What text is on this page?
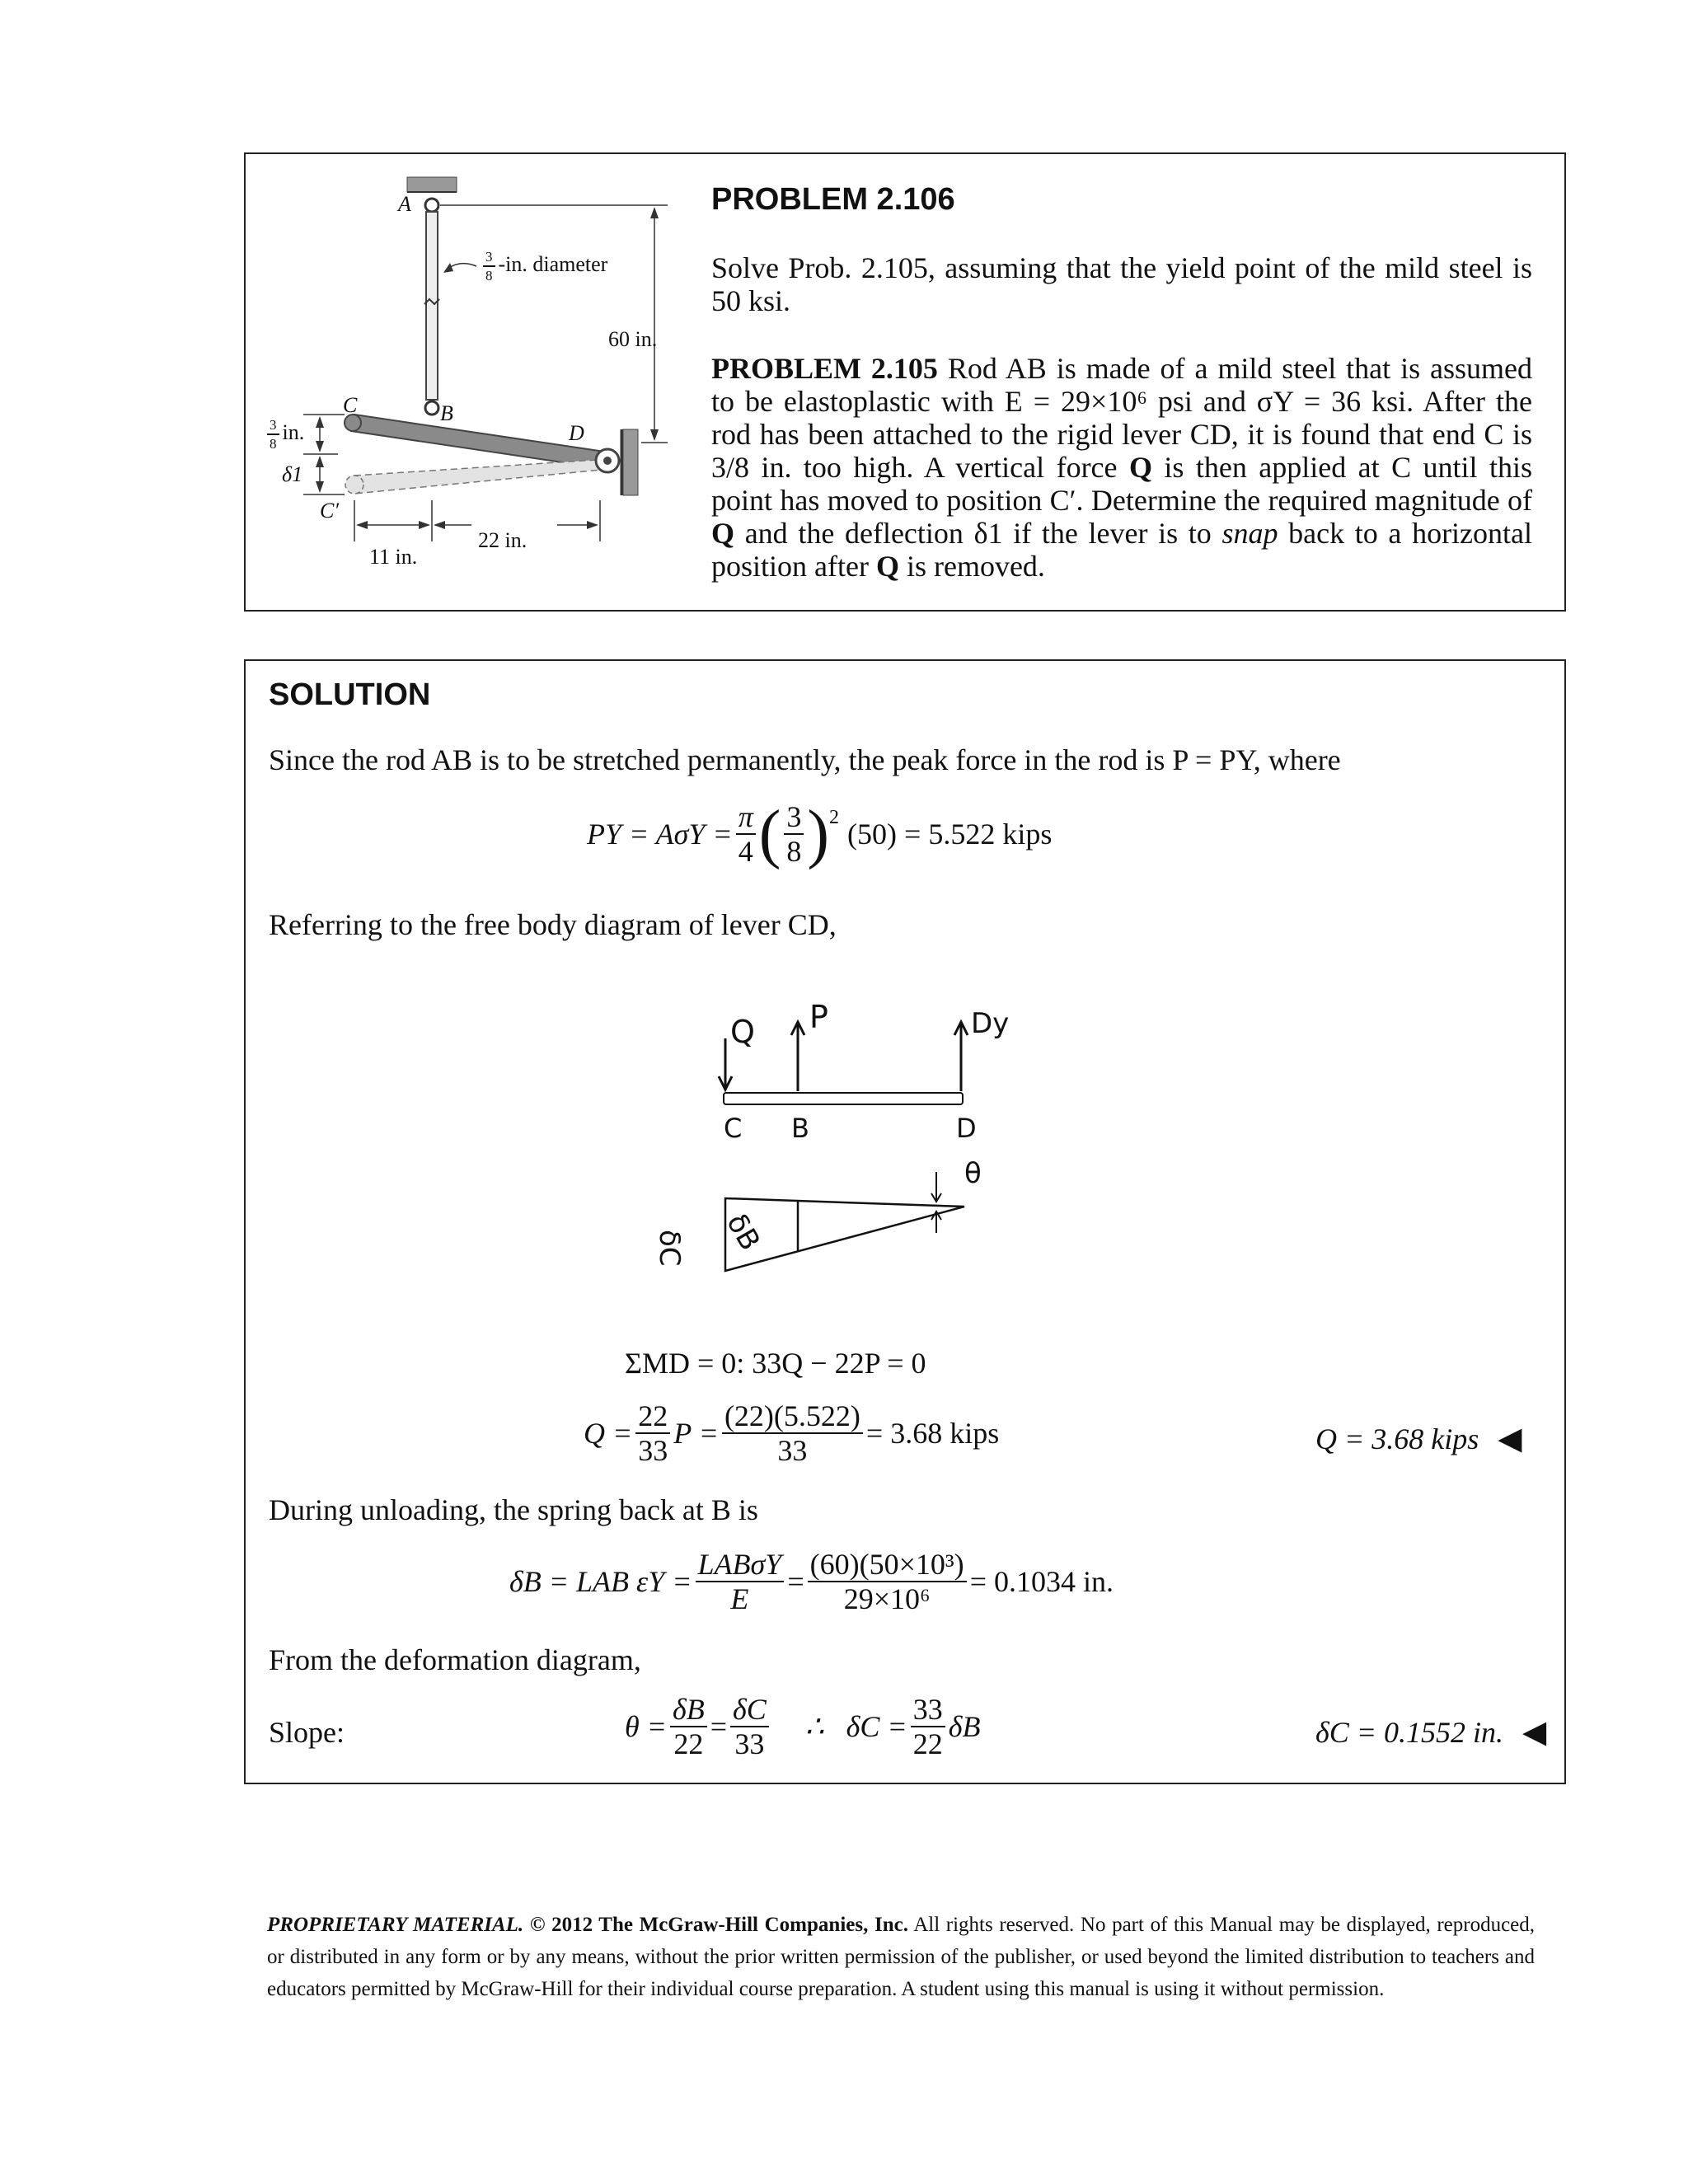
A
B
C
D
C′
$\frac{3}{8} -in$. diameter
60 in.
11 in.
22 in.
$\frac{3}{8}$ in.
δ1
PROBLEM 2.106
Solve Prob. 2.105, assuming that the yield point of the mild steel is 50 ksi.
PROBLEM 2.105 Rod AB is made of a mild steel that is assumed to be elastoplastic with E = 29×10⁶ psi and σY = 36 ksi. After the rod has been attached to the rigid lever CD, it is found that end C is 3/8 in. too high. A vertical force Q is then applied at C until this point has moved to position C′. Determine the required magnitude of Q and the deflection δ1 if the lever is to snap back to a horizontal position after Q is removed.
SOLUTION
Since the rod AB is to be stretched permanently, the peak force in the rod is P = PY, where
PY = $A\sigma Y = \frac{\pi}{4}$ ( $\frac{3}{8} )^2$ (50) = 5.522 kips
Referring to the free body diagram of lever CD,
Q P	Dy
C B	D
θ
δC δB
ΣMD = 0: 33Q − 22P = 0
$Q = \frac{22}{33}$ $P = \frac{(22)(5.522)}{33} = 3.68$ kips	Q = 3.68 kips ◀
During unloading, the spring back at B is
δB = LAB $\varepsilon Y = \frac{\text{LABσY}}{E} = \frac{\text{(60)(50×10³)}}{\text{29×10⁶}} = 0.1034$ in.
From the deformation diagram,
Slope:	$\theta = \frac{\delta B}{22} = \frac{\delta C}{33}$ ∴   $\delta C = \frac{33}{22}$ δB	δC = 0.1552 in. ◀
PROPRIETARY MATERIAL. © 2012 The McGraw-Hill Companies, Inc. All rights reserved. No part of this Manual may be displayed, reproduced, or distributed in any form or by any means, without the prior written permission of the publisher, or used beyond the limited distribution to teachers and educators permitted by McGraw-Hill for their individual course preparation. A student using this manual is using it without permission.
